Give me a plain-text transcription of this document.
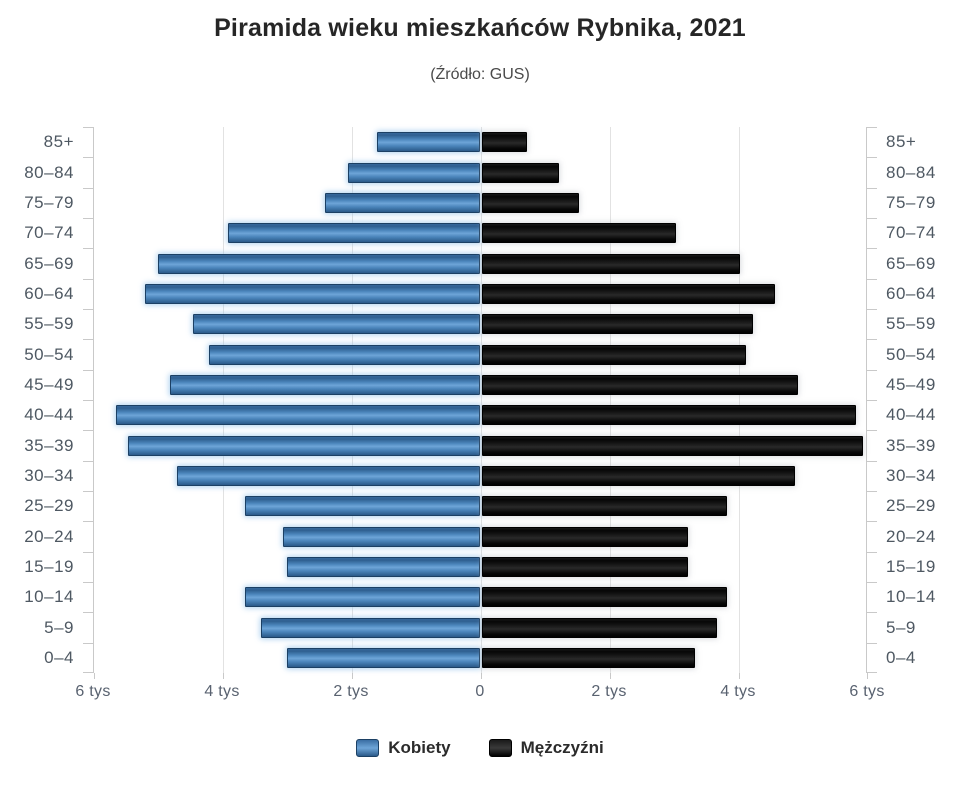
Piramida wieku mieszkańców Rybnika, 2021
(Źródło: GUS)
85+
80–84
75–79
70–74
65–69
60–64
55–59
50–54
45–49
40–44
35–39
30–34
25–29
20–24
15–19
10–14
5–9
0–4
85+
80–84
75–79
70–74
65–69
60–64
55–59
50–54
45–49
40–44
35–39
30–34
25–29
20–24
15–19
10–14
5–9
0–4
6 tys	4 tys	2 tys	0	2 tys	4 tys	6 tys
Kobiety	Mężczyźni
